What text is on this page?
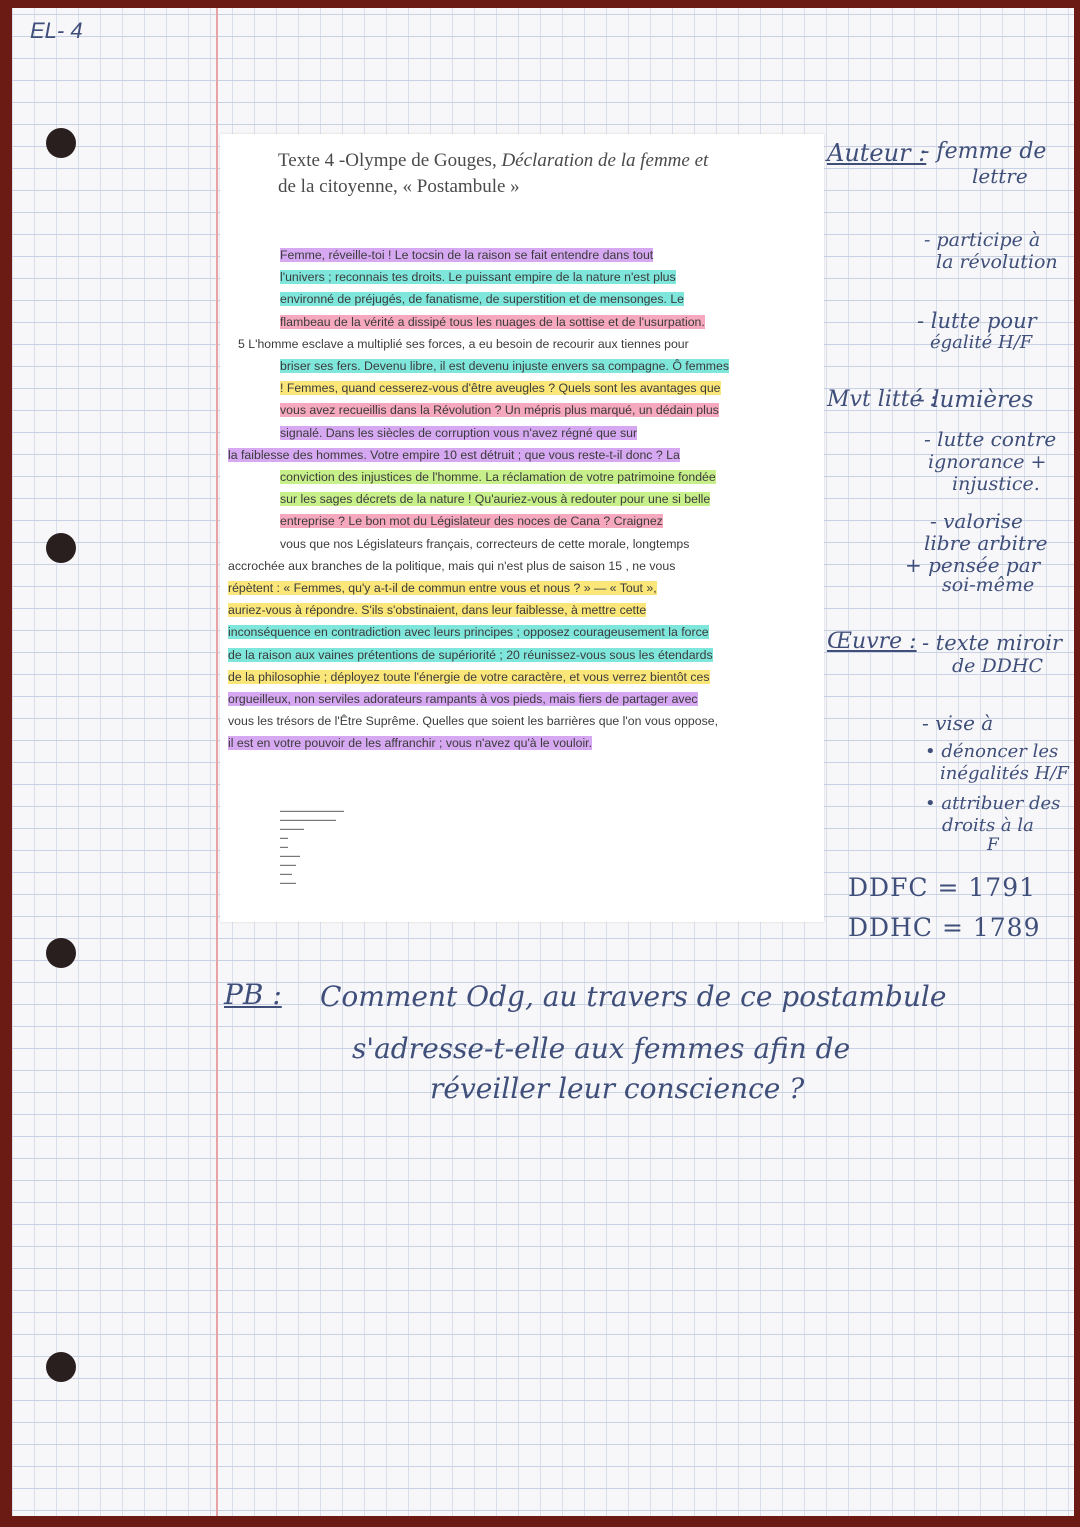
EL- 4
Texte 4 -Olympe de Gouges, Déclaration de la femme et
de la citoyenne, « Postambule »
Femme, réveille-toi ! Le tocsin de la raison se fait entendre dans tout
l'univers ; reconnais tes droits. Le puissant empire de la nature n'est plus
environné de préjugés, de fanatisme, de superstition et de mensonges. Le
flambeau de la vérité a dissipé tous les nuages de la sottise et de l'usurpation.
5 L'homme esclave a multiplié ses forces, a eu besoin de recourir aux tiennes pour
briser ses fers. Devenu libre, il est devenu injuste envers sa compagne. Ô femmes
! Femmes, quand cesserez-vous d'être aveugles ? Quels sont les avantages que
vous avez recueillis dans la Révolution ? Un mépris plus marqué, un dédain plus
signalé. Dans les siècles de corruption vous n'avez régné que sur
la faiblesse des hommes. Votre empire 10 est détruit ; que vous reste-t-il donc ? La
conviction des injustices de l'homme. La réclamation de votre patrimoine fondée
sur les sages décrets de la nature ! Qu'auriez-vous à redouter pour une si belle
entreprise ? Le bon mot du Législateur des noces de Cana ? Craignez
vous que nos Législateurs français, correcteurs de cette morale, longtemps
accrochée aux branches de la politique, mais qui n'est plus de saison 15 , ne vous
répètent : « Femmes, qu'y a-t-il de commun entre vous et nous ? » — « Tout »,
auriez-vous à répondre. S'ils s'obstinaient, dans leur faiblesse, à mettre cette
inconséquence en contradiction avec leurs principes ; opposez courageusement la force
de la raison aux vaines prétentions de supériorité ; 20 réunissez-vous sous les étendards
de la philosophie ; déployez toute l'énergie de votre caractère, et vous verrez bientôt ces
orgueilleux, non serviles adorateurs rampants à vos pieds, mais fiers de partager avec
vous les trésors de l'Être Suprême. Quelles que soient les barrières que l'on vous oppose,
il est en votre pouvoir de les affranchir ; vous n'avez qu'à le vouloir.
▬▬▬▬▬▬▬▬▬▬▬▬▬▬▬▬
▬▬▬▬▬▬▬▬▬▬▬▬▬▬
▬▬▬▬▬▬
▬▬
▬▬
▬▬▬▬▬
▬▬▬▬
▬▬▬
▬▬▬▬
Auteur :
- femme de
lettre
- participe à
la révolution
- lutte pour
égalité H/F
Mvt litté :
- lumières
- lutte contre
ignorance +
injustice.
- valorise
libre arbitre
+ pensée par
soi-même
Œuvre : - texte miroir
de DDHC
- vise à
• dénoncer les
inégalités H/F
• attribuer des
droits à la
F
DDFC = 1791
DDHC = 1789
PB : Comment Odg, au travers de ce postambule
s'adresse-t-elle aux femmes afin de
réveiller leur conscience ?
